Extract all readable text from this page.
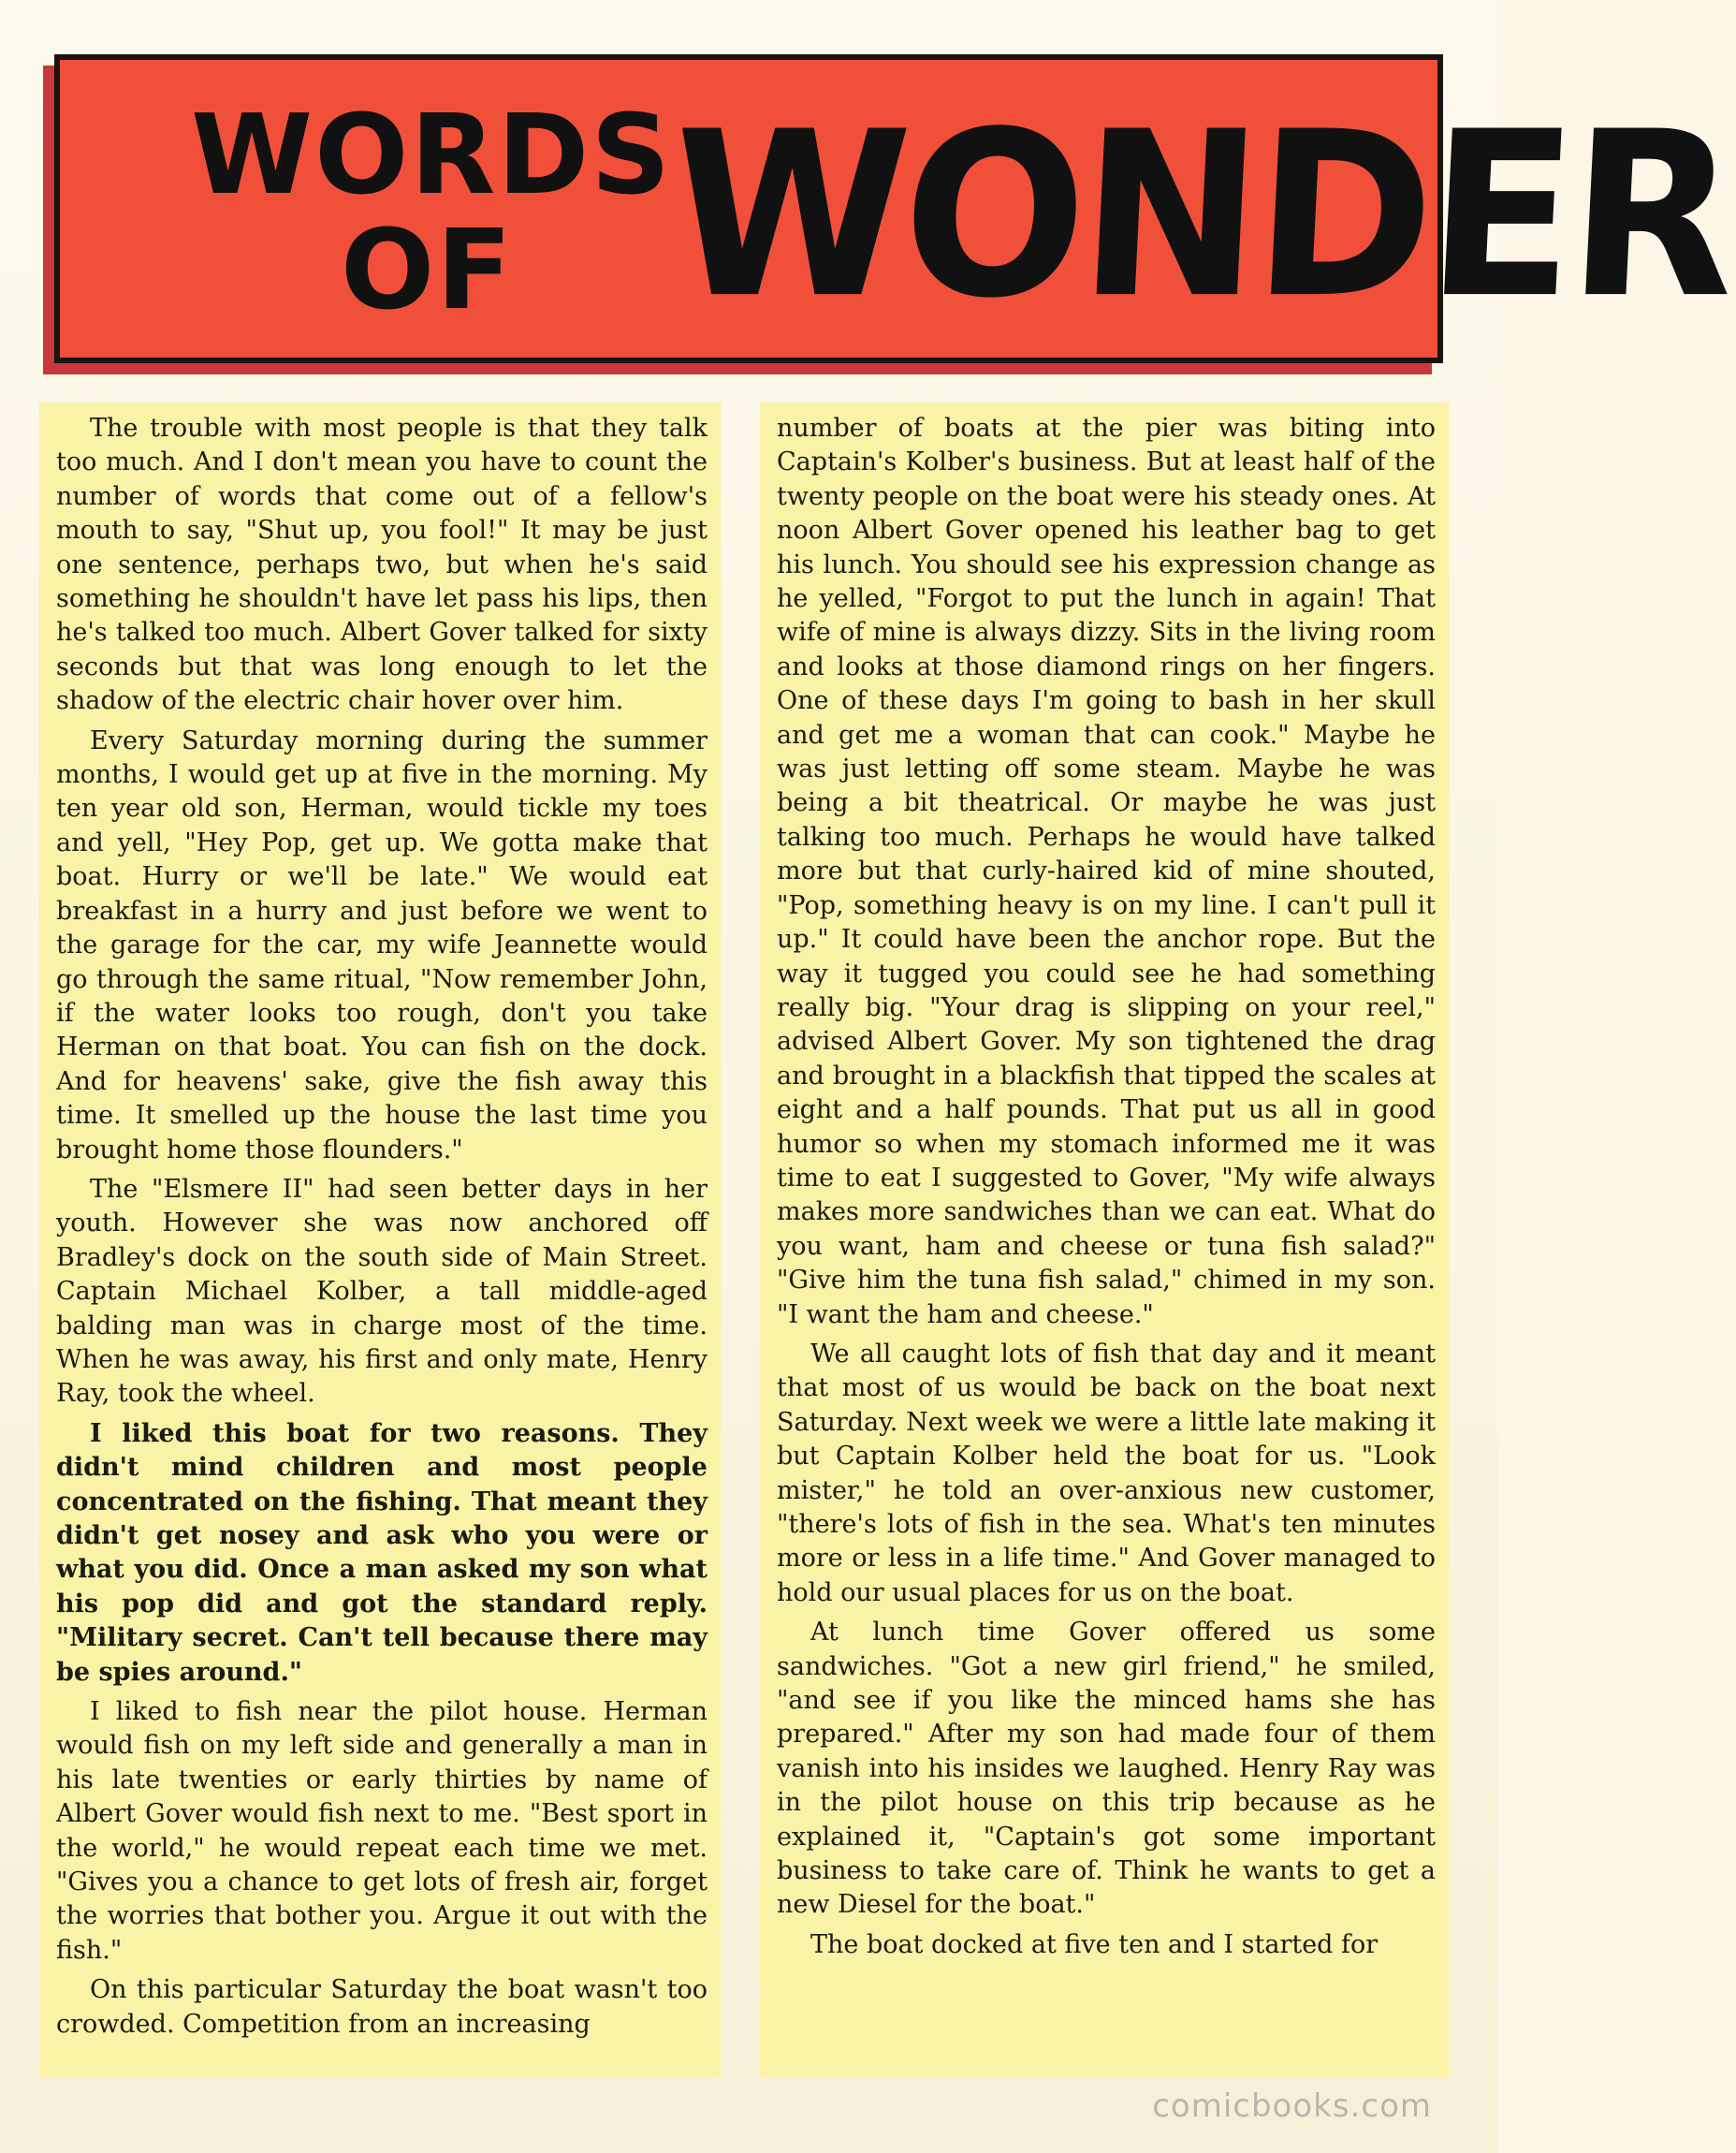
WORDS
OF WONDER

The trouble with most people is that they talk too much. And I don't mean you have to count the number of words that come out of a fellow's mouth to say, "Shut up, you fool!" It may be just one sentence, perhaps two, but when he's said something he shouldn't have let pass his lips, then he's talked too much. Albert Gover talked for sixty seconds but that was long enough to let the shadow of the electric chair hover over him.

Every Saturday morning during the summer months, I would get up at five in the morning. My ten year old son, Herman, would tickle my toes and yell, "Hey Pop, get up. We gotta make that boat. Hurry or we'll be late." We would eat breakfast in a hurry and just before we went to the garage for the car, my wife Jeannette would go through the same ritual, "Now remember John, if the water looks too rough, don't you take Herman on that boat. You can fish on the dock. And for heavens' sake, give the fish away this time. It smelled up the house the last time you brought home those flounders."

The "Elsmere II" had seen better days in her youth. However she was now anchored off Bradley's dock on the south side of Main Street. Captain Michael Kolber, a tall middle-aged balding man was in charge most of the time. When he was away, his first and only mate, Henry Ray, took the wheel.

I liked this boat for two reasons. They didn't mind children and most people concentrated on the fishing. That meant they didn't get nosey and ask who you were or what you did. Once a man asked my son what his pop did and got the standard reply. "Military secret. Can't tell because there may be spies around."

I liked to fish near the pilot house. Herman would fish on my left side and generally a man in his late twenties or early thirties by name of Albert Gover would fish next to me. "Best sport in the world," he would repeat each time we met. "Gives you a chance to get lots of fresh air, forget the worries that bother you. Argue it out with the fish."

On this particular Saturday the boat wasn't too crowded. Competition from an increasing

number of boats at the pier was biting into Captain's Kolber's business. But at least half of the twenty people on the boat were his steady ones. At noon Albert Gover opened his leather bag to get his lunch. You should see his expression change as he yelled, "Forgot to put the lunch in again! That wife of mine is always dizzy. Sits in the living room and looks at those diamond rings on her fingers. One of these days I'm going to bash in her skull and get me a woman that can cook." Maybe he was just letting off some steam. Maybe he was being a bit theatrical. Or maybe he was just talking too much. Perhaps he would have talked more but that curly-haired kid of mine shouted, "Pop, something heavy is on my line. I can't pull it up." It could have been the anchor rope. But the way it tugged you could see he had something really big. "Your drag is slipping on your reel," advised Albert Gover. My son tightened the drag and brought in a blackfish that tipped the scales at eight and a half pounds. That put us all in good humor so when my stomach informed me it was time to eat I suggested to Gover, "My wife always makes more sandwiches than we can eat. What do you want, ham and cheese or tuna fish salad?" "Give him the tuna fish salad," chimed in my son. "I want the ham and cheese."

We all caught lots of fish that day and it meant that most of us would be back on the boat next Saturday. Next week we were a little late making it but Captain Kolber held the boat for us. "Look mister," he told an over-anxious new customer, "there's lots of fish in the sea. What's ten minutes more or less in a life time." And Gover managed to hold our usual places for us on the boat.

At lunch time Gover offered us some sandwiches. "Got a new girl friend," he smiled, "and see if you like the minced hams she has prepared." After my son had made four of them vanish into his insides we laughed. Henry Ray was in the pilot house on this trip because as he explained it, "Captain's got some important business to take care of. Think he wants to get a new Diesel for the boat."

The boat docked at five ten and I started for

comicbooks.com
